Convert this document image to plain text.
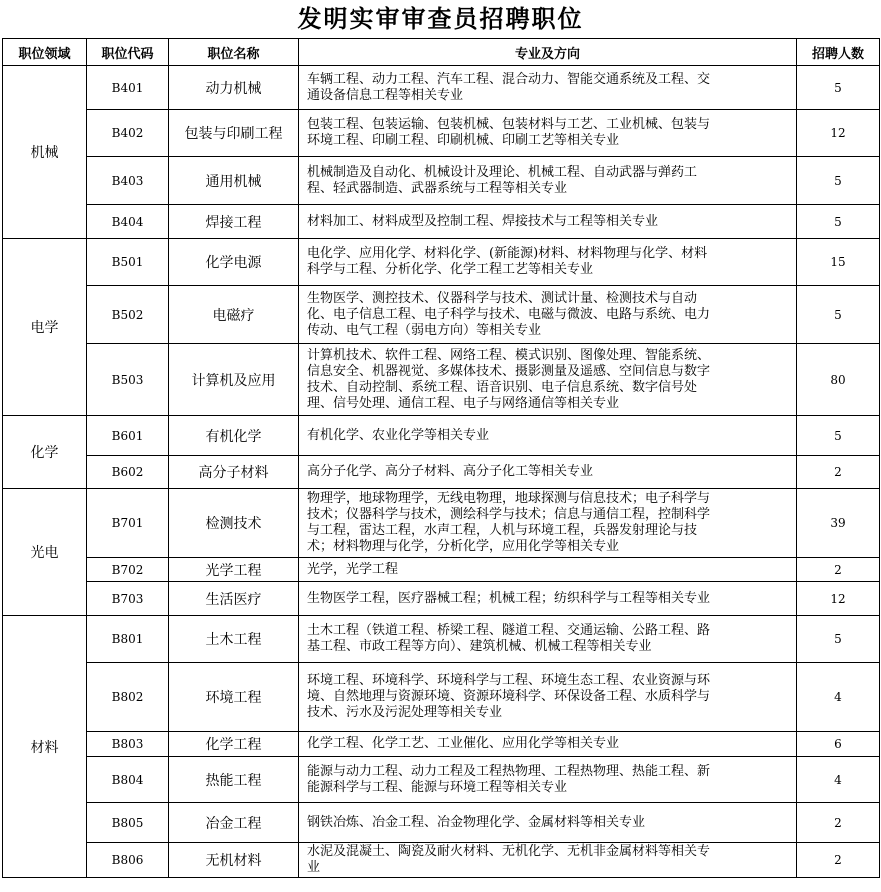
发明实审审查员招聘职位
职位领域	职位代码	职位名称	专业及方向	招聘人数
机械	B401	动力机械	车辆工程、动力工程、汽车工程、混合动力、智能交通系统及工程、交
通设备信息工程等相关专业	5
	B402	包装与印刷工程	包装工程、包装运输、包装机械、包装材料与工艺、工业机械、包装与
环境工程、印刷工程、印刷机械、印刷工艺等相关专业	12
	B403	通用机械	机械制造及自动化、机械设计及理论、机械工程、自动武器与弹药工
程、轻武器制造、武器系统与工程等相关专业	5
	B404	焊接工程	材料加工、材料成型及控制工程、焊接技术与工程等相关专业	5
电学	B501	化学电源	电化学、应用化学、材料化学、(新能源)材料、材料物理与化学、材料
科学与工程、分析化学、化学工程工艺等相关专业	15
	B502	电磁疗	生物医学、测控技术、仪器科学与技术、测试计量、检测技术与自动
化、电子信息工程、电子科学与技术、电磁与微波、电路与系统、电力
传动、电气工程（弱电方向）等相关专业	5
	B503	计算机及应用	计算机技术、软件工程、网络工程、模式识别、图像处理、智能系统、
信息安全、机器视觉、多媒体技术、摄影测量及遥感、空间信息与数字
技术、自动控制、系统工程、语音识别、电子信息系统、数字信号处
理、信号处理、通信工程、电子与网络通信等相关专业	80
化学	B601	有机化学	有机化学、农业化学等相关专业	5
	B602	高分子材料	高分子化学、高分子材料、高分子化工等相关专业	2
光电	B701	检测技术	物理学，地球物理学，无线电物理，地球探测与信息技术；电子科学与
技术；仪器科学与技术，测绘科学与技术；信息与通信工程，控制科学
与工程，雷达工程，水声工程，人机与环境工程，兵器发射理论与技
术；材料物理与化学，分析化学，应用化学等相关专业	39
	B702	光学工程	光学，光学工程	2
	B703	生活医疗	生物医学工程，医疗器械工程；机械工程；纺织科学与工程等相关专业	12
材料	B801	土木工程	土木工程（铁道工程、桥梁工程、隧道工程、交通运输、公路工程、路
基工程、市政工程等方向）、建筑机械、机械工程等相关专业	5
	B802	环境工程	环境工程、环境科学、环境科学与工程、环境生态工程、农业资源与环
境、自然地理与资源环境、资源环境科学、环保设备工程、水质科学与
技术、污水及污泥处理等相关专业	4
	B803	化学工程	化学工程、化学工艺、工业催化、应用化学等相关专业	6
	B804	热能工程	能源与动力工程、动力工程及工程热物理、工程热物理、热能工程、新
能源科学与工程、能源与环境工程等相关专业	4
	B805	冶金工程	钢铁冶炼、冶金工程、冶金物理化学、金属材料等相关专业	2
	B806	无机材料	水泥及混凝土、陶瓷及耐火材料、无机化学、无机非金属材料等相关专
业	2
